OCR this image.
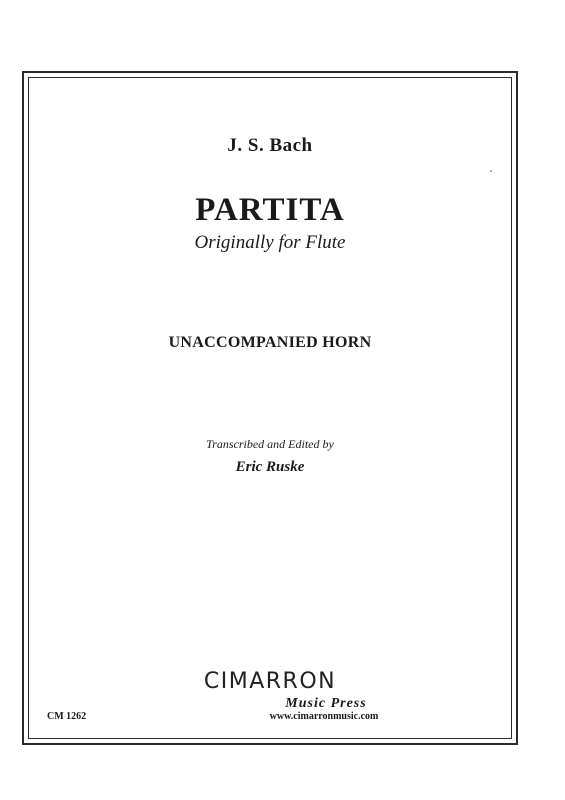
J. S. Bach
PARTITA
Originally for Flute
UNACCOMPANIED HORN
Transcribed and Edited by
Eric Ruske
CIMARRON
Music Press
www.cimarronmusic.com
CM 1262
